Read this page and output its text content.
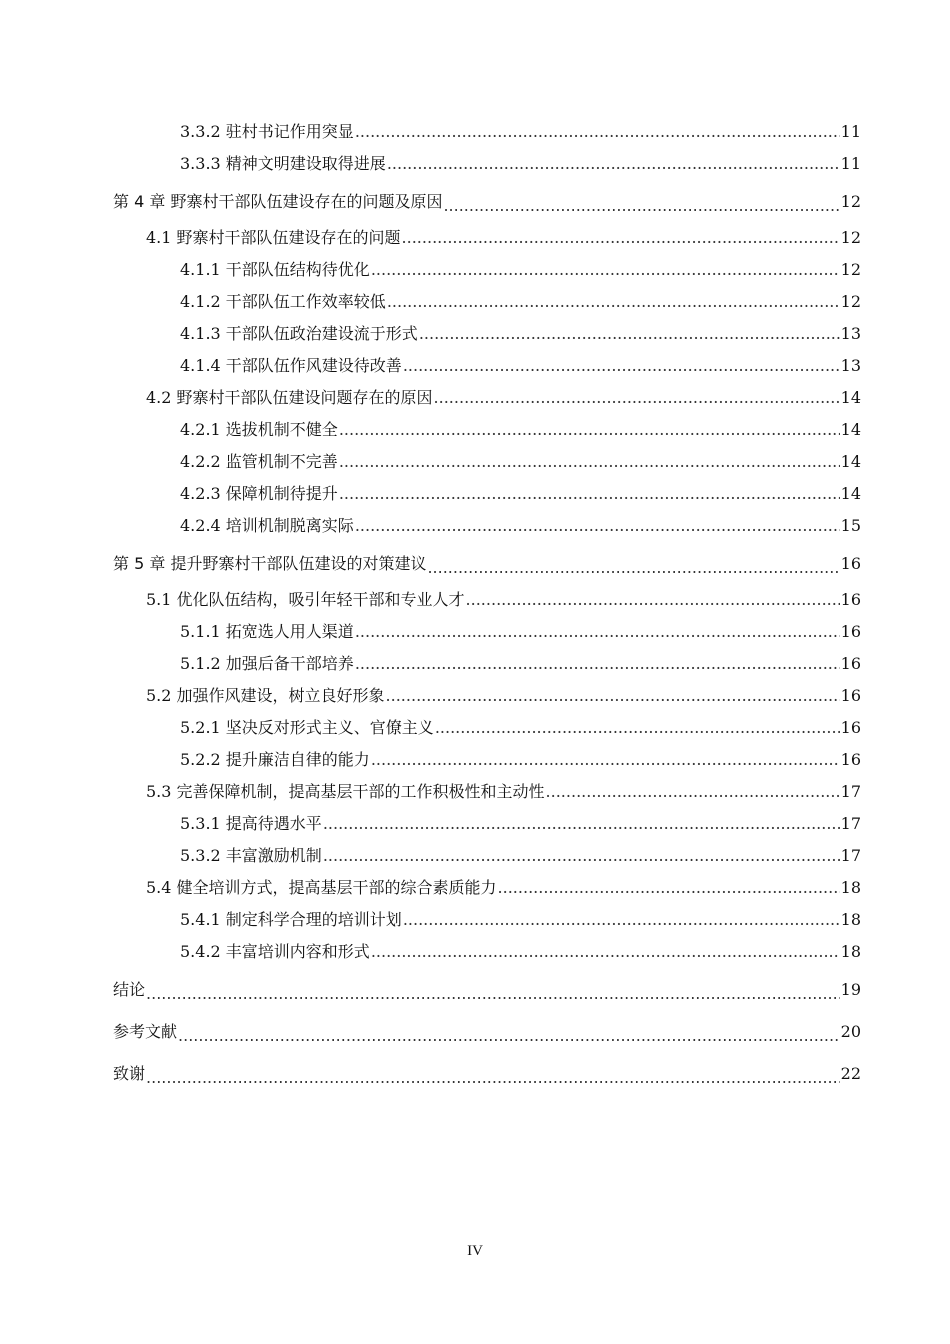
3.3.2 驻村书记作用突显 .....	11
3.3.3 精神文明建设取得进展 .....	11
第 4 章 野寨村干部队伍建设存在的问题及原因 .....	12
4.1 野寨村干部队伍建设存在的问题 .....	12
4.1.1 干部队伍结构待优化 .....	12
4.1.2 干部队伍工作效率较低 .....	12
4.1.3 干部队伍政治建设流于形式 .....	13
4.1.4 干部队伍作风建设待改善 .....	13
4.2 野寨村干部队伍建设问题存在的原因 .....	14
4.2.1 选拔机制不健全 .....	14
4.2.2 监管机制不完善 .....	14
4.2.3 保障机制待提升 .....	14
4.2.4 培训机制脱离实际 .....	15
第 5 章 提升野寨村干部队伍建设的对策建议 .....	16
5.1 优化队伍结构，吸引年轻干部和专业人才 .....	16
5.1.1 拓宽选人用人渠道 .....	16
5.1.2 加强后备干部培养 .....	16
5.2 加强作风建设，树立良好形象 .....	16
5.2.1 坚决反对形式主义、官僚主义 .....	16
5.2.2 提升廉洁自律的能力 .....	16
5.3 完善保障机制，提高基层干部的工作积极性和主动性 .....	17
5.3.1 提高待遇水平 .....	17
5.3.2 丰富激励机制 .....	17
5.4 健全培训方式，提高基层干部的综合素质能力 .....	18
5.4.1 制定科学合理的培训计划 .....	18
5.4.2 丰富培训内容和形式 .....	18
结论 .....	19
参考文献 .....	20
致谢 .....	22
IV
